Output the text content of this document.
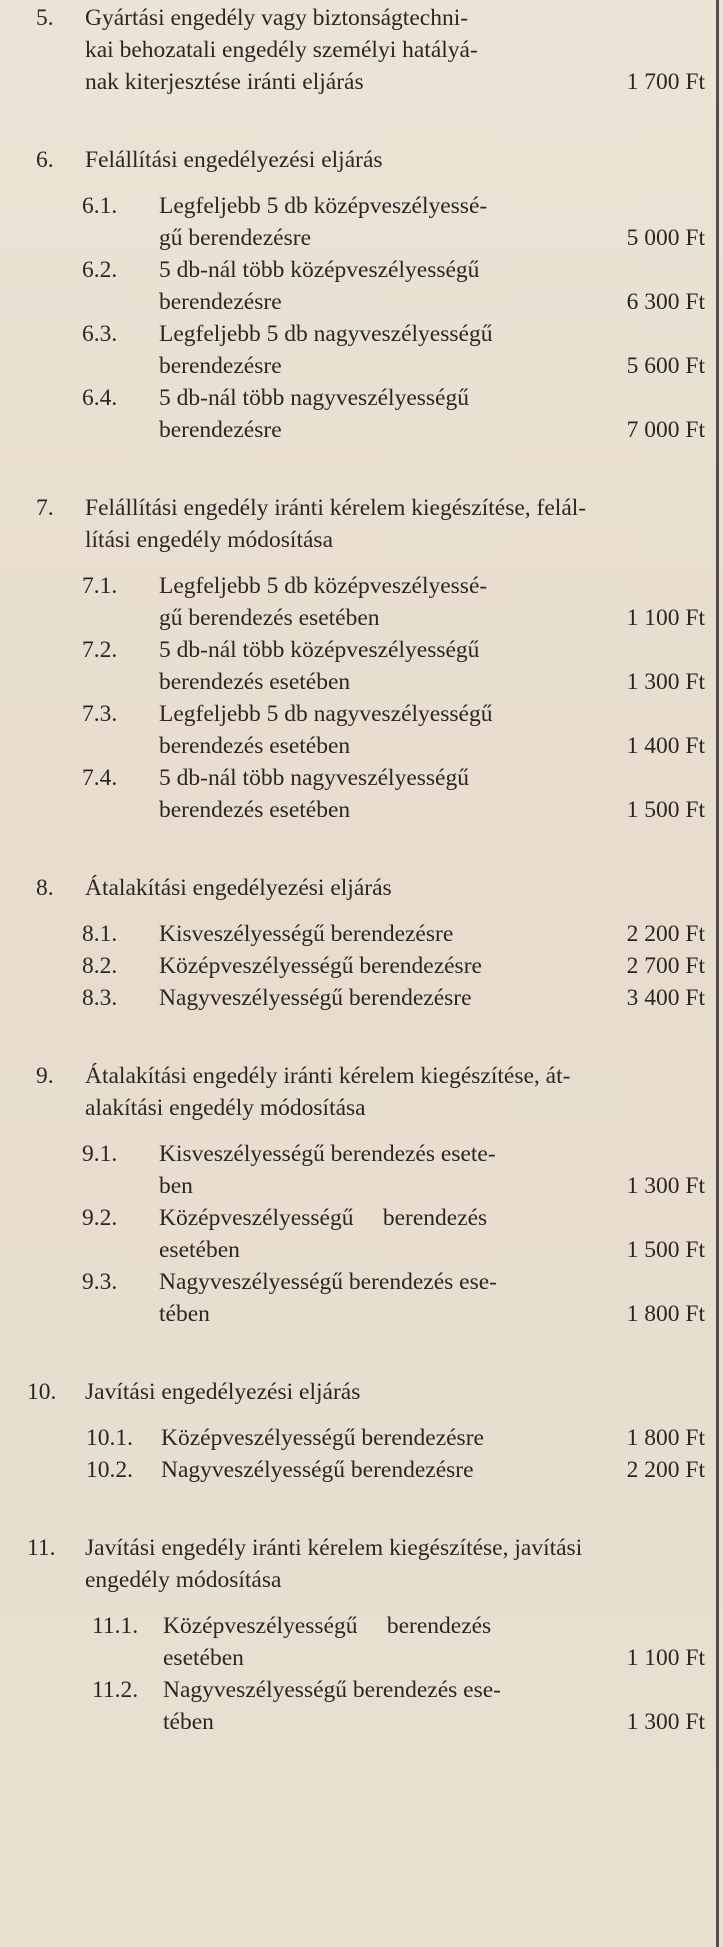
5. Gyártási engedély vagy biztonságtechni-
kai behozatali engedély személyi hatályá-
nak kiterjesztése iránti eljárás	1 700 Ft
6. Felállítási engedélyezési eljárás
6.1. Legfeljebb 5 db középveszélyessé-
gű berendezésre	5 000 Ft
6.2. 5 db-nál több középveszélyességű
berendezésre	6 300 Ft
6.3. Legfeljebb 5 db nagyveszélyességű
berendezésre	5 600 Ft
6.4. 5 db-nál több nagyveszélyességű
berendezésre	7 000 Ft
7. Felállítási engedély iránti kérelem kiegészítése, felál-
lítási engedély módosítása
7.1. Legfeljebb 5 db középveszélyessé-
gű berendezés esetében	1 100 Ft
7.2. 5 db-nál több középveszélyességű
berendezés esetében	1 300 Ft
7.3. Legfeljebb 5 db nagyveszélyességű
berendezés esetében	1 400 Ft
7.4. 5 db-nál több nagyveszélyességű
berendezés esetében	1 500 Ft
8. Átalakítási engedélyezési eljárás
8.1. Kisveszélyességű berendezésre	2 200 Ft
8.2. Középveszélyességű berendezésre	2 700 Ft
8.3. Nagyveszélyességű berendezésre	3 400 Ft
9. Átalakítási engedély iránti kérelem kiegészítése, át-
alakítási engedély módosítása
9.1. Kisveszélyességű berendezés esete-
ben	1 300 Ft
9.2. Középveszélyességű     berendezés
esetében	1 500 Ft
9.3. Nagyveszélyességű berendezés ese-
tében	1 800 Ft
10. Javítási engedélyezési eljárás
10.1. Középveszélyességű berendezésre	1 800 Ft
10.2. Nagyveszélyességű berendezésre	2 200 Ft
11. Javítási engedély iránti kérelem kiegészítése, javítási
engedély módosítása
11.1. Középveszélyességű     berendezés
esetében	1 100 Ft
11.2. Nagyveszélyességű berendezés ese-
tében	1 300 Ft
